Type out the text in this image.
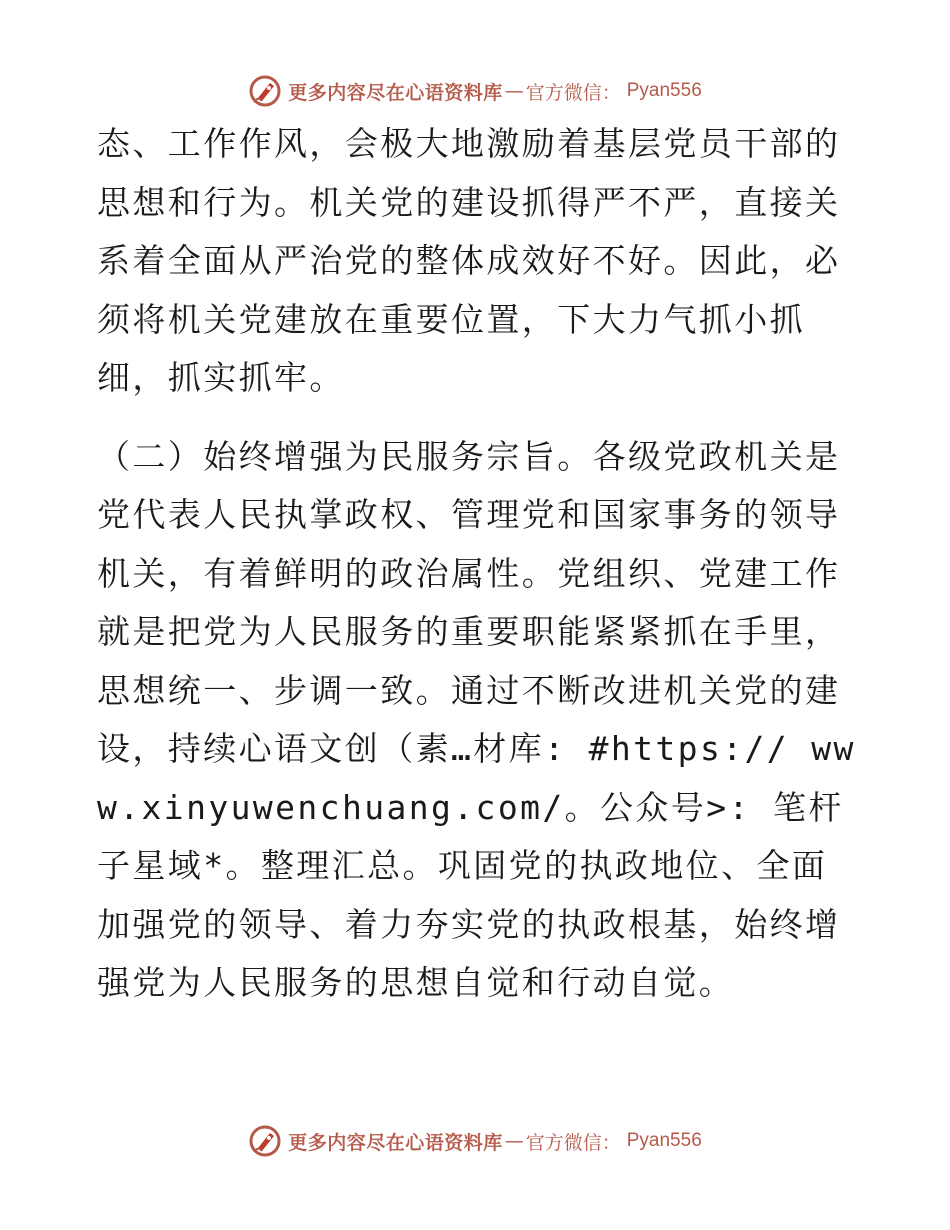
更多内容尽在心语资料库 — 官方微信： Pyan556

态、工作作风，会极大地激励着基层党员干部的思想和行为。机关党的建设抓得严不严，直接关系着全面从严治党的整体成效好不好。因此，必须将机关党建放在重要位置，下大力气抓小抓细，抓实抓牢。

（二）始终增强为民服务宗旨。各级党政机关是党代表人民执掌政权、管理党和国家事务的领导机关，有着鲜明的政治属性。党组织、党建工作就是把党为人民服务的重要职能紧紧抓在手里，思想统一、步调一致。通过不断改进机关党的建设，持续心语文创（素…材库: #https:// www.xinyuwenchuang.com/。公众号>: 笔杆子星域*。整理汇总。巩固党的执政地位、全面加强党的领导、着力夯实党的执政根基，始终增强党为人民服务的思想自觉和行动自觉。

更多内容尽在心语资料库 — 官方微信： Pyan556
